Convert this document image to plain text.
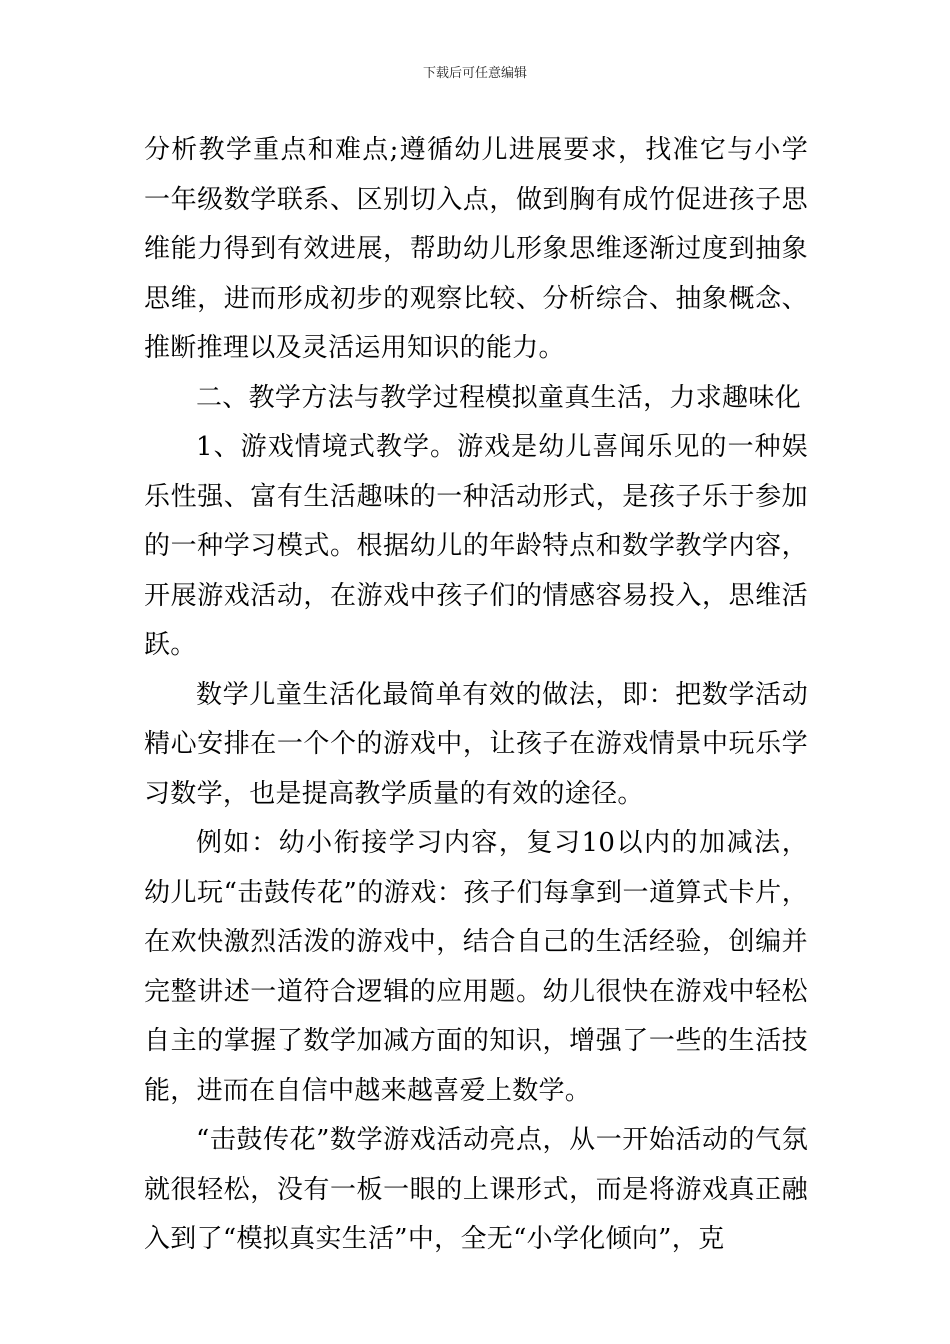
下载后可任意编辑

分析教学重点和难点;遵循幼儿进展要求，找准它与小学一年级数学联系、区别切入点，做到胸有成竹促进孩子思维能力得到有效进展，帮助幼儿形象思维逐渐过度到抽象思维，进而形成初步的观察比较、分析综合、抽象概念、推断推理以及灵活运用知识的能力。

二、教学方法与教学过程模拟童真生活，力求趣味化

1、游戏情境式教学。游戏是幼儿喜闻乐见的一种娱乐性强、富有生活趣味的一种活动形式，是孩子乐于参加的一种学习模式。根据幼儿的年龄特点和数学教学内容，开展游戏活动，在游戏中孩子们的情感容易投入，思维活跃。

数学儿童生活化最简单有效的做法，即：把数学活动精心安排在一个个的游戏中，让孩子在游戏情景中玩乐学习数学，也是提高教学质量的有效的途径。

例如：幼小衔接学习内容，复习10以内的加减法，幼儿玩“击鼓传花”的游戏：孩子们每拿到一道算式卡片，在欢快激烈活泼的游戏中，结合自己的生活经验，创编并完整讲述一道符合逻辑的应用题。幼儿很快在游戏中轻松自主的掌握了数学加减方面的知识，增强了一些的生活技能，进而在自信中越来越喜爱上数学。

“击鼓传花”数学游戏活动亮点，从一开始活动的气氛就很轻松，没有一板一眼的上课形式，而是将游戏真正融入到了“模拟真实生活”中，全无“小学化倾向”，克
